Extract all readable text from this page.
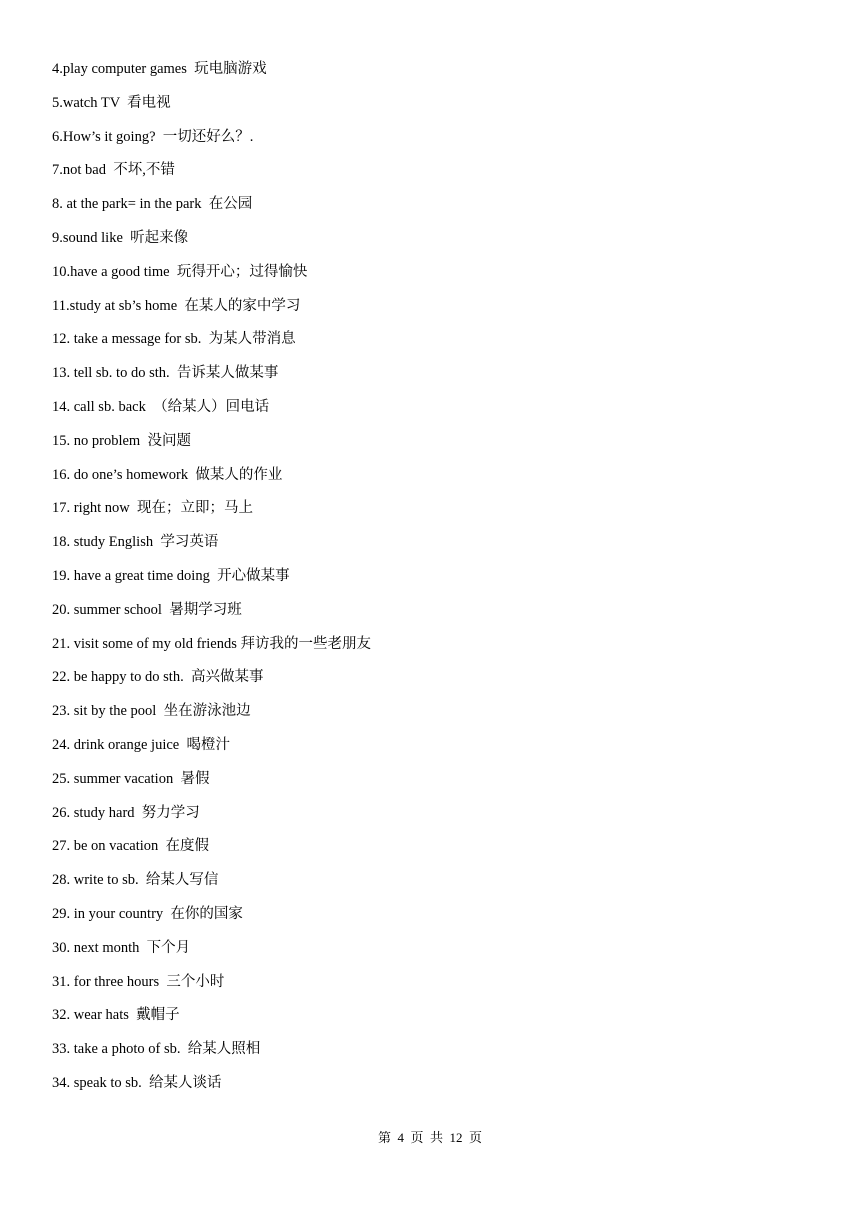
4.play computer games  玩电脑游戏
5.watch TV  看电视
6.How’s it going?  一切还好么？.
7.not bad  不坏,不错
8. at the park= in the park  在公园
9.sound like  听起来像
10.have a good time  玩得开心；过得愉快
11.study at sb’s home  在某人的家中学习
12. take a message for sb.  为某人带消息
13. tell sb. to do sth.  告诉某人做某事
14. call sb. back  （给某人）回电话
15. no problem  没问题
16. do one’s homework  做某人的作业
17. right now  现在；立即；马上
18. study English  学习英语
19. have a great time doing  开心做某事
20. summer school  暑期学习班
21. visit some of my old friends 拜访我的一些老朋友
22. be happy to do sth.  高兴做某事
23. sit by the pool  坐在游泳池边
24. drink orange juice  喝橙汁
25. summer vacation  暑假
26. study hard  努力学习
27. be on vacation  在度假
28. write to sb.  给某人写信
29. in your country  在你的国家
30. next month  下个月
31. for three hours  三个小时
32. wear hats  戴帽子
33. take a photo of sb.  给某人照相
34. speak to sb.  给某人谈话
第  4  页  共  12  页
